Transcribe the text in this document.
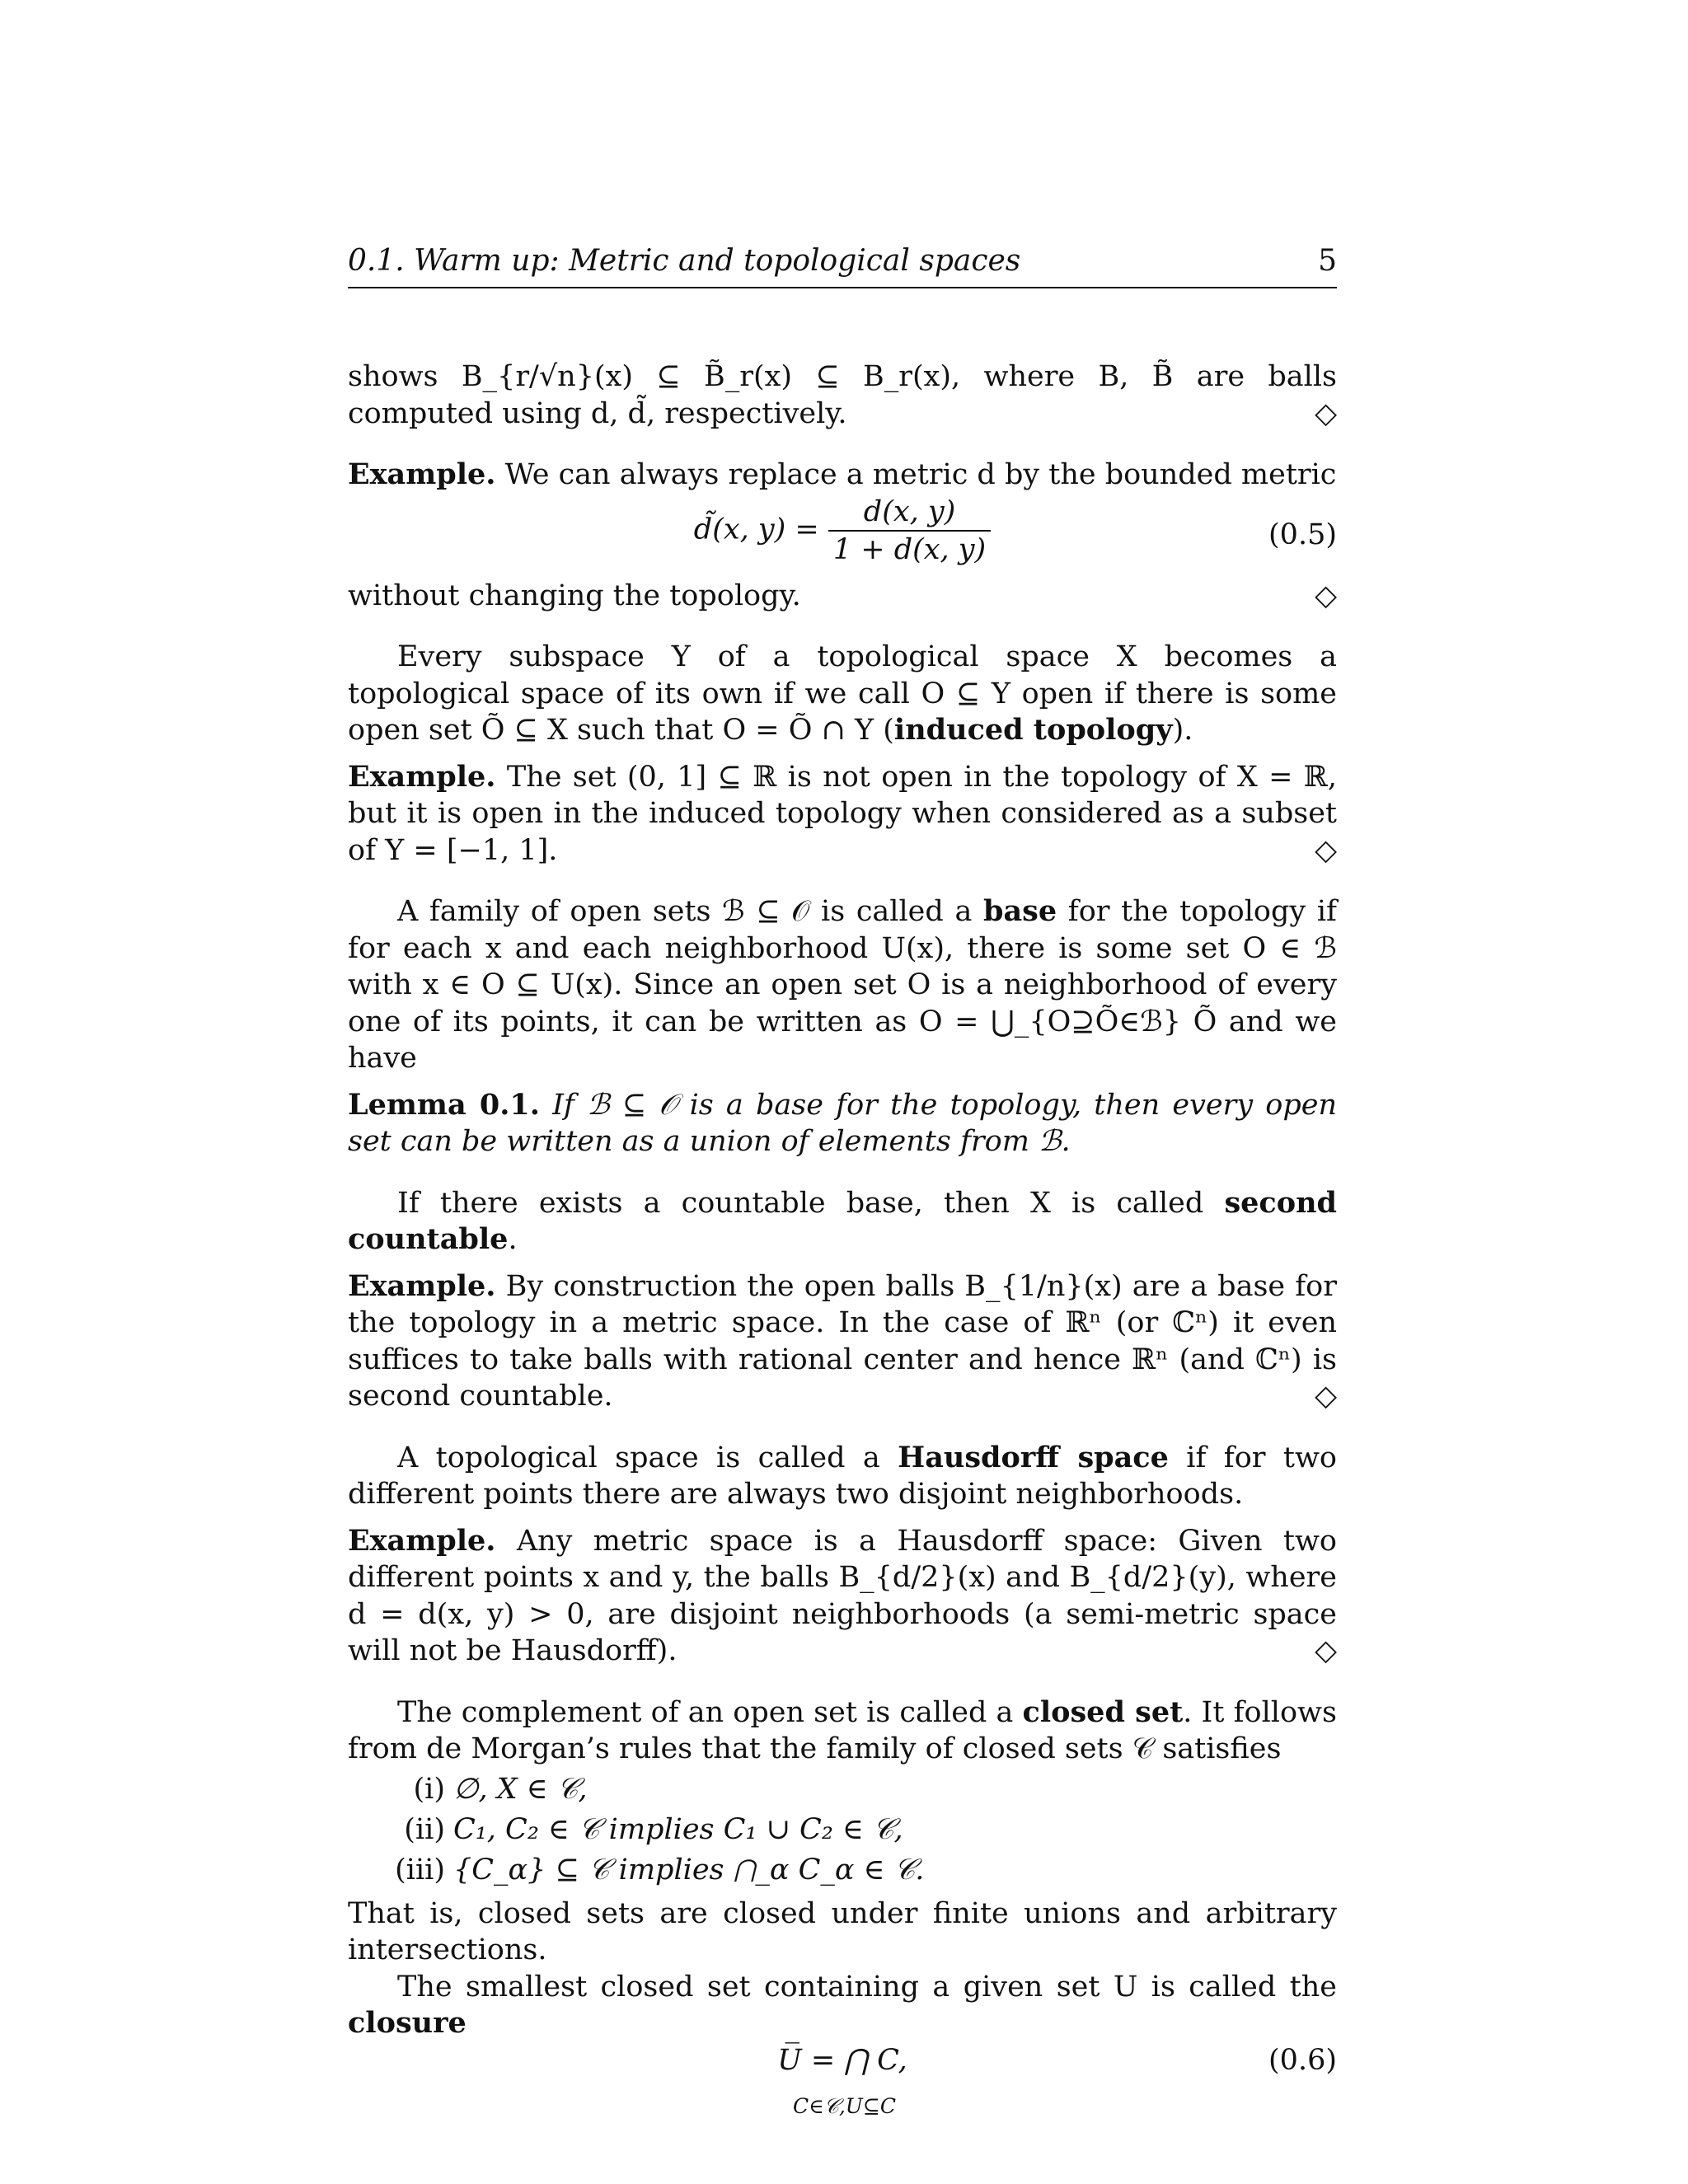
0.1. Warm up: Metric and topological spaces	5

shows B_{r/√n}(x) ⊆ B̃_r(x) ⊆ B_r(x), where B, B̃ are balls computed using d, d̃, respectively.	◇

Example. We can always replace a metric d by the bounded metric

d̃(x, $y) = \frac{d(x, y)}{1 + d(x, y)}$	(0.5)

without changing the topology.	◇

Every subspace Y of a topological space X becomes a topological space of its own if we call O ⊆ Y open if there is some open set Õ ⊆ X such that O = Õ ∩ Y (induced topology).

Example. The set (0, 1] ⊆ ℝ is not open in the topology of X = ℝ, but it is open in the induced topology when considered as a subset of Y = [−1, 1].	◇

A family of open sets ℬ ⊆ 𝒪 is called a base for the topology if for each x and each neighborhood U(x), there is some set O ∈ ℬ with x ∈ O ⊆ U(x). Since an open set O is a neighborhood of every one of its points, it can be written as O = ⋃_{O⊇Õ∈ℬ} Õ and we have

Lemma 0.1. If ℬ ⊆ 𝒪 is a base for the topology, then every open set can be written as a union of elements from ℬ.

If there exists a countable base, then X is called second countable.

Example. By construction the open balls B_{1/n}(x) are a base for the topology in a metric space. In the case of ℝⁿ (or ℂⁿ) it even suffices to take balls with rational center and hence ℝⁿ (and ℂⁿ) is second countable.	◇

A topological space is called a Hausdorff space if for two different points there are always two disjoint neighborhoods.

Example. Any metric space is a Hausdorff space: Given two different points x and y, the balls B_{d/2}(x) and B_{d/2}(y), where d = d(x, y) > 0, are disjoint neighborhoods (a semi-metric space will not be Hausdorff).	◇

The complement of an open set is called a closed set. It follows from de Morgan’s rules that the family of closed sets 𝒞 satisfies

(i) ∅, X ∈ 𝒞,
(ii) C₁, C₂ ∈ 𝒞 implies C₁ ∪ C₂ ∈ 𝒞,
(iii) {C_α} ⊆ 𝒞 implies ⋂_α C_α ∈ 𝒞.

That is, closed sets are closed under finite unions and arbitrary intersections.

The smallest closed set containing a given set U is called the closure

U̅ = ⋂ C,
C∈𝒞,U⊆C
(0.6)
